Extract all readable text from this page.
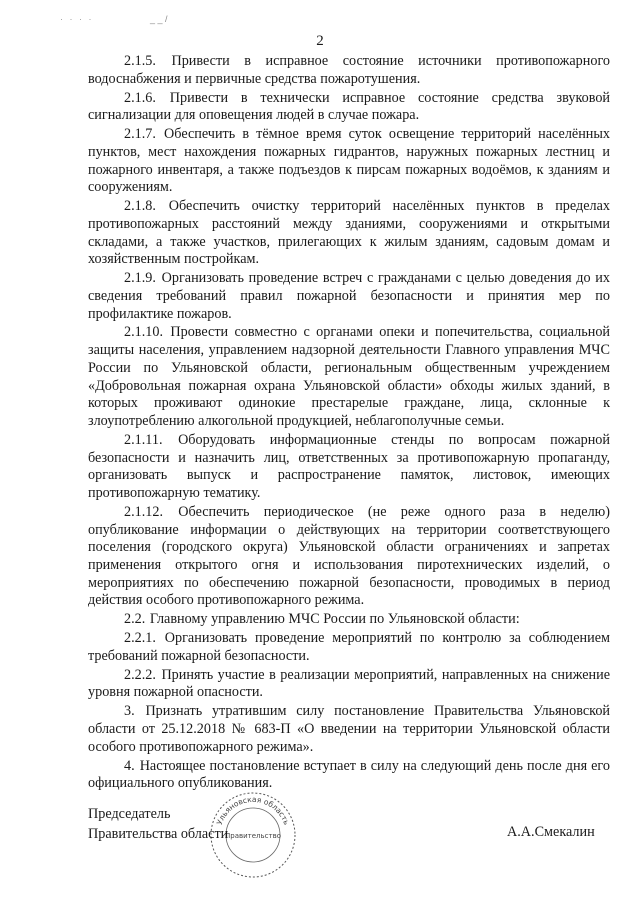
· · · ·	_ _ /
2

2.1.5. Привести в исправное состояние источники противопожарного водоснабжения и первичные средства пожаротушения.

2.1.6. Привести в технически исправное состояние средства звуковой сигнализации для оповещения людей в случае пожара.

2.1.7. Обеспечить в тёмное время суток освещение территорий населённых пунктов, мест нахождения пожарных гидрантов, наружных пожарных лестниц и пожарного инвентаря, а также подъездов к пирсам пожарных водоёмов, к зданиям и сооружениям.

2.1.8. Обеспечить очистку территорий населённых пунктов в пределах противопожарных расстояний между зданиями, сооружениями и открытыми складами, а также участков, прилегающих к жилым зданиям, садовым домам и хозяйственным постройкам.

2.1.9. Организовать проведение встреч с гражданами с целью доведения до их сведения требований правил пожарной безопасности и принятия мер по профилактике пожаров.

2.1.10. Провести совместно с органами опеки и попечительства, социальной защиты населения, управлением надзорной деятельности Главного управления МЧС России по Ульяновской области, региональным общественным учреждением «Добровольная пожарная охрана Ульяновской области» обходы жилых зданий, в которых проживают одинокие престарелые граждане, лица, склонные к злоупотреблению алкогольной продукцией, неблагополучные семьи.

2.1.11. Оборудовать информационные стенды по вопросам пожарной безопасности и назначить лиц, ответственных за противопожарную пропаганду, организовать выпуск и распространение памяток, листовок, имеющих противопожарную тематику.

2.1.12. Обеспечить периодическое (не реже одного раза в неделю) опубликование информации о действующих на территории соответствующего поселения (городского округа) Ульяновской области ограничениях и запретах применения открытого огня и использования пиротехнических изделий, о мероприятиях по обеспечению пожарной безопасности, проводимых в период действия особого противопожарного режима.

2.2. Главному управлению МЧС России по Ульяновской области:

2.2.1. Организовать проведение мероприятий по контролю за соблюдением требований пожарной безопасности.

2.2.2. Принять участие в реализации мероприятий, направленных на снижение уровня пожарной опасности.

3. Признать утратившим силу постановление Правительства Ульяновской области от 25.12.2018 № 683-П «О введении на территории Ульяновской области особого противопожарного режима».

4. Настоящее постановление вступает в силу на следующий день после дня его официального опубликования.

Ульяновская область
Правительство
Председатель
Правительства области	А.А.Смекалин
